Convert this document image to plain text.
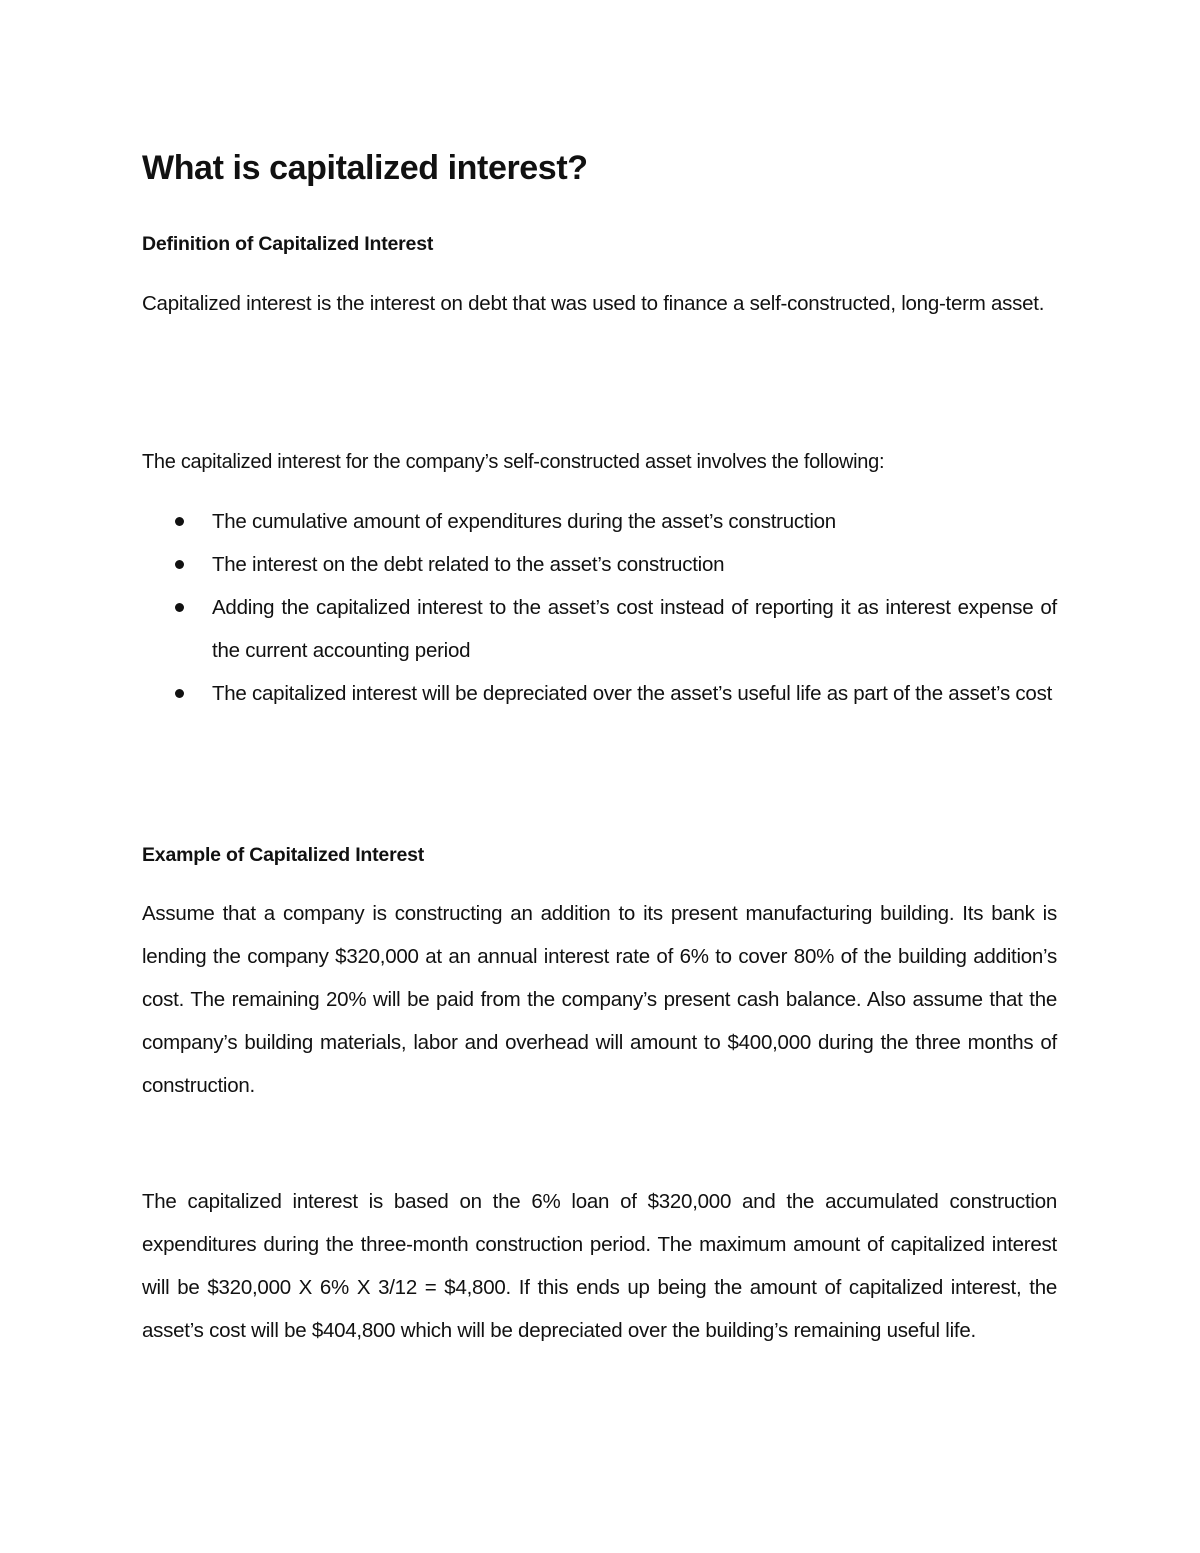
What is capitalized interest?
Definition of Capitalized Interest

Capitalized interest is the interest on debt that was used to finance a self-constructed, long-term asset.

The capitalized interest for the company’s self-constructed asset involves the following:

The cumulative amount of expenditures during the asset’s construction
The interest on the debt related to the asset’s construction
Adding the capitalized interest to the asset’s cost instead of reporting it as interest expense of the current accounting period
The capitalized interest will be depreciated over the asset’s useful life as part of the asset’s cost
Example of Capitalized Interest

Assume that a company is constructing an addition to its present manufacturing building. Its bank is lending the company $320,000 at an annual interest rate of 6% to cover 80% of the building addition’s cost. The remaining 20% will be paid from the company’s present cash balance. Also assume that the company’s building materials, labor and overhead will amount to $400,000 during the three months of construction.

The capitalized interest is based on the 6% loan of $320,000 and the accumulated construction expenditures during the three-month construction period. The maximum amount of capitalized interest will be $320,000 X 6% X 3/12 = $4,800. If this ends up being the amount of capitalized interest, the asset’s cost will be $404,800 which will be depreciated over the building’s remaining useful life.
